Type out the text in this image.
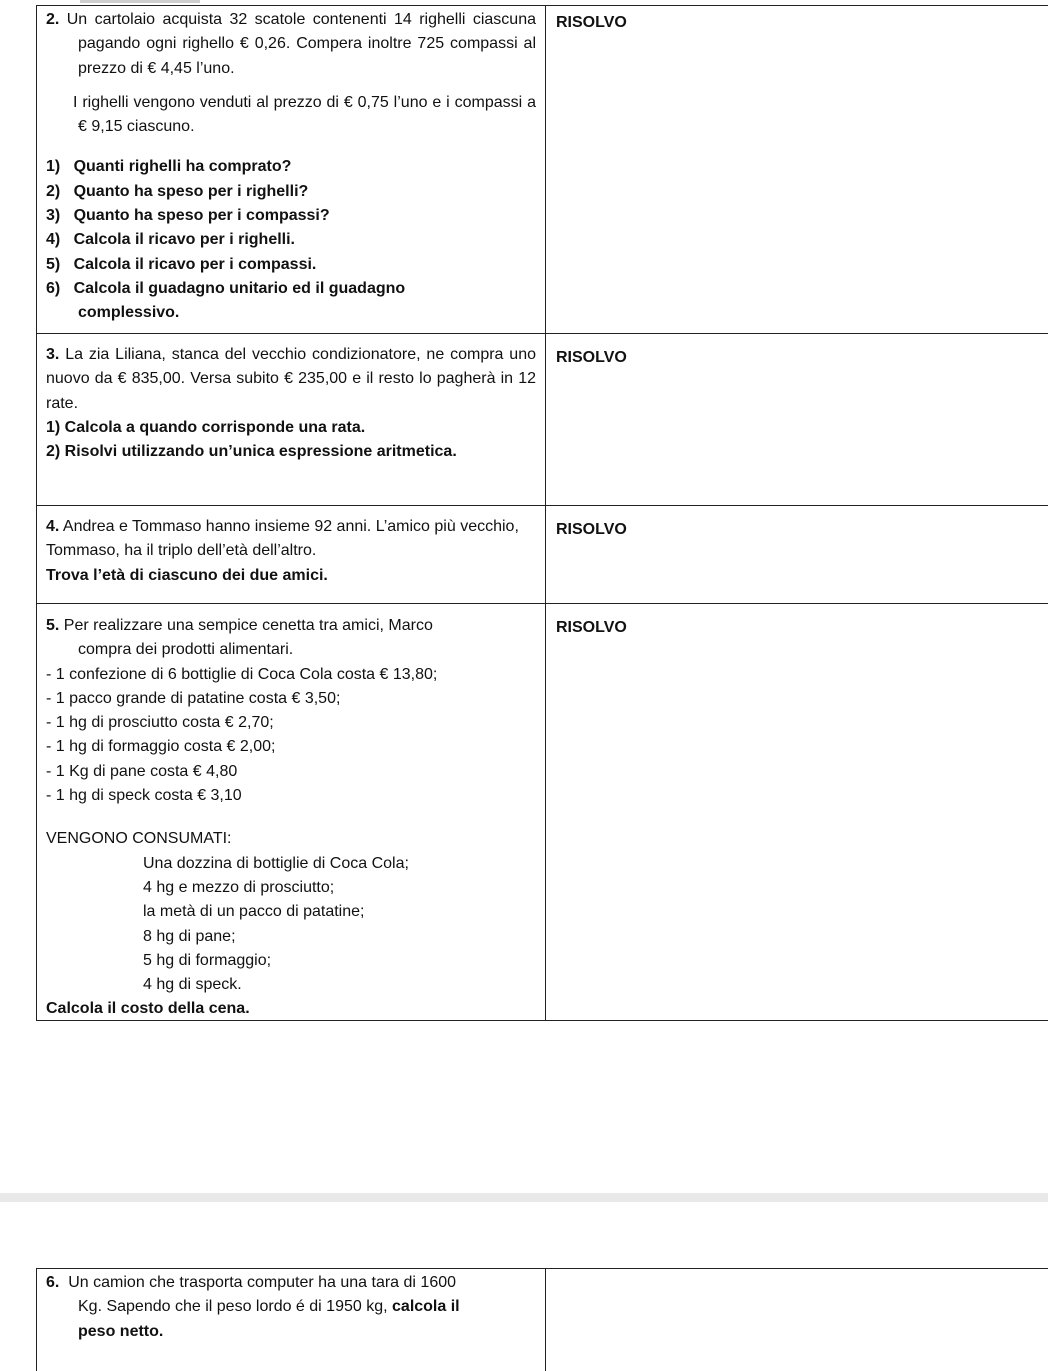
2. Un cartolaio acquista 32 scatole contenenti 14 righelli ciascuna pagando ogni righello € 0,26. Compera inoltre 725 compassi al prezzo di € 4,45 l’uno.
I righelli vengono venduti al prezzo di € 0,75 l’uno e i compassi a € 9,15 ciascuno.
1) Quanti righelli ha comprato?
2) Quanto ha speso per i righelli?
3) Quanto ha speso per i compassi?
4) Calcola il ricavo per i righelli.
5) Calcola il ricavo per i compassi.
6) Calcola il guadagno unitario ed il guadagno complessivo.
RISOLVO
3. La zia Liliana, stanca del vecchio condizionatore, ne compra uno nuovo da € 835,00. Versa subito € 235,00 e il resto lo pagherà in 12 rate.
1) Calcola a quando corrisponde una rata.
2) Risolvi utilizzando un’unica espressione aritmetica.
RISOLVO
4. Andrea e Tommaso hanno insieme 92 anni. L’amico più vecchio, Tommaso, ha il triplo dell’età dell’altro.
Trova l’età di ciascuno dei due amici.
RISOLVO
5. Per realizzare una sempice cenetta tra amici, Marco
compra dei prodotti alimentari.
- 1 confezione di 6 bottiglie di Coca Cola costa € 13,80;
- 1 pacco grande di patatine costa € 3,50;
- 1 hg di prosciutto costa € 2,70;
- 1 hg di formaggio costa € 2,00;
- 1 Kg di pane costa € 4,80
- 1 hg di speck costa € 3,10
VENGONO CONSUMATI:
Una dozzina di bottiglie di Coca Cola;
4 hg e mezzo di prosciutto;
la metà di un pacco di patatine;
8 hg di pane;
5 hg di formaggio;
4 hg di speck.
Calcola il costo della cena.
RISOLVO
6. Un camion che trasporta computer ha una tara di 1600
Kg. Sapendo che il peso lordo é di 1950 kg, calcola il
peso netto.
